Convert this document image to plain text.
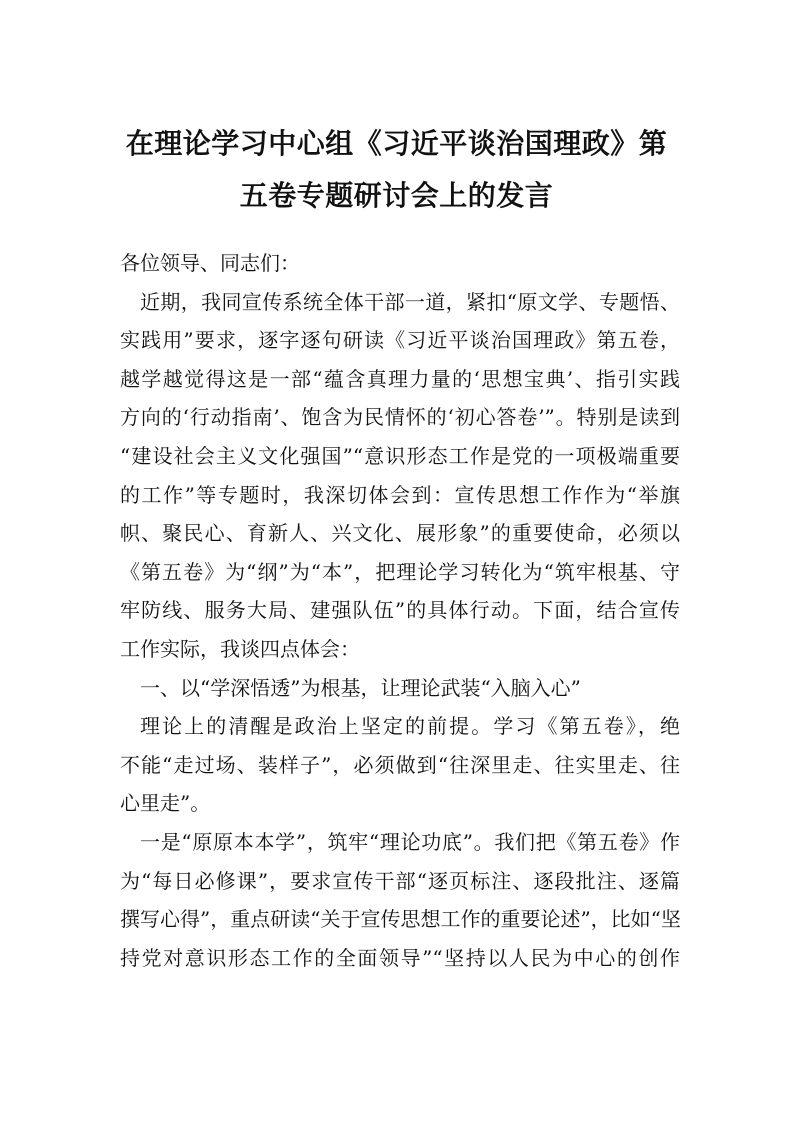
在理论学习中心组《习近平谈治国理政》第
五卷专题研讨会上的发言
各位领导、同志们：
近期，我同宣传系统全体干部一道，紧扣“原文学、专题悟、
实践用”要求，逐字逐句研读《习近平谈治国理政》第五卷，
越学越觉得这是一部“蕴含真理力量的‘思想宝典’、指引实践
方向的‘行动指南’、饱含为民情怀的‘初心答卷’”。特别是读到
“建设社会主义文化强国”“意识形态工作是党的一项极端重要
的工作”等专题时，我深切体会到：宣传思想工作作为“举旗
帜、聚民心、育新人、兴文化、展形象”的重要使命，必须以
《第五卷》为“纲”为“本”，把理论学习转化为“筑牢根基、守
牢防线、服务大局、建强队伍”的具体行动。下面，结合宣传
工作实际，我谈四点体会：
一、以“学深悟透”为根基，让理论武装“入脑入心”
理论上的清醒是政治上坚定的前提。学习《第五卷》，绝
不能“走过场、装样子”，必须做到“往深里走、往实里走、往
心里走”。
一是“原原本本学”，筑牢“理论功底”。我们把《第五卷》作
为“每日必修课”，要求宣传干部“逐页标注、逐段批注、逐篇
撰写心得”，重点研读“关于宣传思想工作的重要论述”，比如“坚
持党对意识形态工作的全面领导”“坚持以人民为中心的创作
